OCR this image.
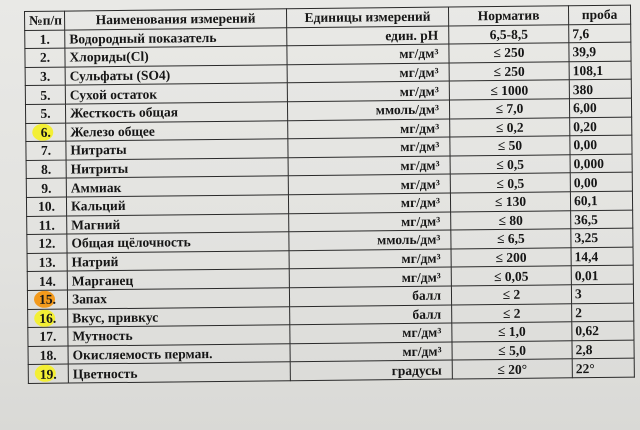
№п/п	Наименования измерений	Единицы измерений	Норматив	проба
1.	Водородный показатель	един. pH	6,5-8,5	7,6
2.	Хлориды(Cl)	мг/дм³	≤ 250	39,9
3.	Сульфаты (SO4)	мг/дм³	≤ 250	108,1
5.	Сухой остаток	мг/дм³	≤ 1000	380
5.	Жесткость общая	ммоль/дм³	≤ 7,0	6,00

6.	Железо общее	мг/дм³	≤ 0,2	0,20
7.	Нитраты	мг/дм³	≤ 50	0,00
8.	Нитриты	мг/дм³	≤ 0,5	0,000
9.	Аммиак	мг/дм³	≤ 0,5	0,00
10.	Кальций	мг/дм³	≤ 130	60,1
11.	Магний	мг/дм³	≤ 80	36,5
12.	Общая щёлочность	ммоль/дм³	≤ 6,5	3,25
13.	Натрий	мг/дм³	≤ 200	14,4
14.	Марганец	мг/дм³	≤ 0,05	0,01

15.	Запах	балл	≤ 2	3

16.	Вкус, привкус	балл	≤ 2	2
17.	Мутность	мг/дм³	≤ 1,0	0,62
18.	Окисляемость перман.	мг/дм³	≤ 5,0	2,8

19.	Цветность	градусы	≤ 20°	22°
